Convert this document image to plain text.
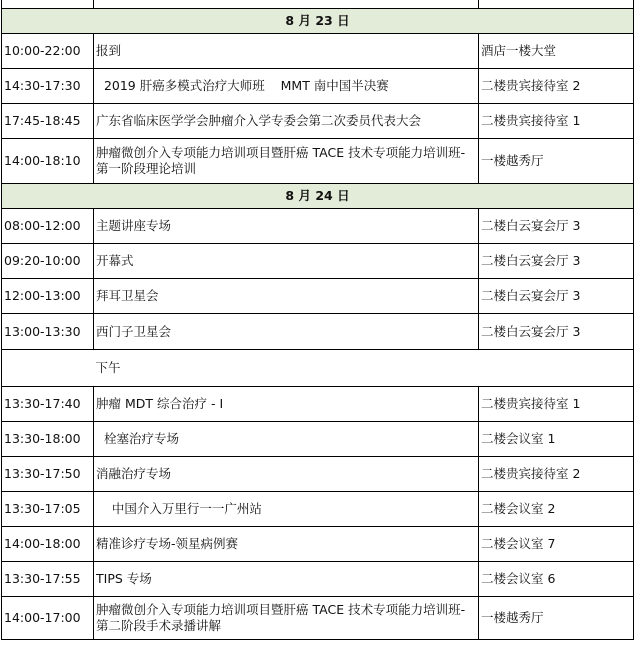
8 月 23 日		
10:00-22:00	报到	酒店一楼大堂
14:30-17:30	2019 肝癌多模式治疗大师班    MMT 南中国半决赛	二楼贵宾接待室 2
17:45-18:45	广东省临床医学学会肿瘤介入学专委会第二次委员代表大会	二楼贵宾接待室 1
14:00-18:10	肿瘤微创介入专项能力培训项目暨肝癌 TACE 技术专项能力培训班-第一阶段理论培训	一楼越秀厅
8 月 24 日		
08:00-12:00	主题讲座专场	二楼白云宴会厅 3
09:20-10:00	开幕式	二楼白云宴会厅 3
12:00-13:00	拜耳卫星会	二楼白云宴会厅 3
13:00-13:30	西门子卫星会	二楼白云宴会厅 3
	下午	
13:30-17:40	肿瘤 MDT 综合治疗 - I	二楼贵宾接待室 1
13:30-18:00	栓塞治疗专场	二楼会议室 1
13:30-17:50	消融治疗专场	二楼贵宾接待室 2
13:30-17:05	中国介入万里行一一广州站	二楼会议室 2
14:00-18:00	精准诊疗专场-领星病例赛	二楼会议室 7
13:30-17:55	TIPS 专场	二楼会议室 6
14:00-17:00	肿瘤微创介入专项能力培训项目暨肝癌 TACE 技术专项能力培训班-第二阶段手术录播讲解	一楼越秀厅
